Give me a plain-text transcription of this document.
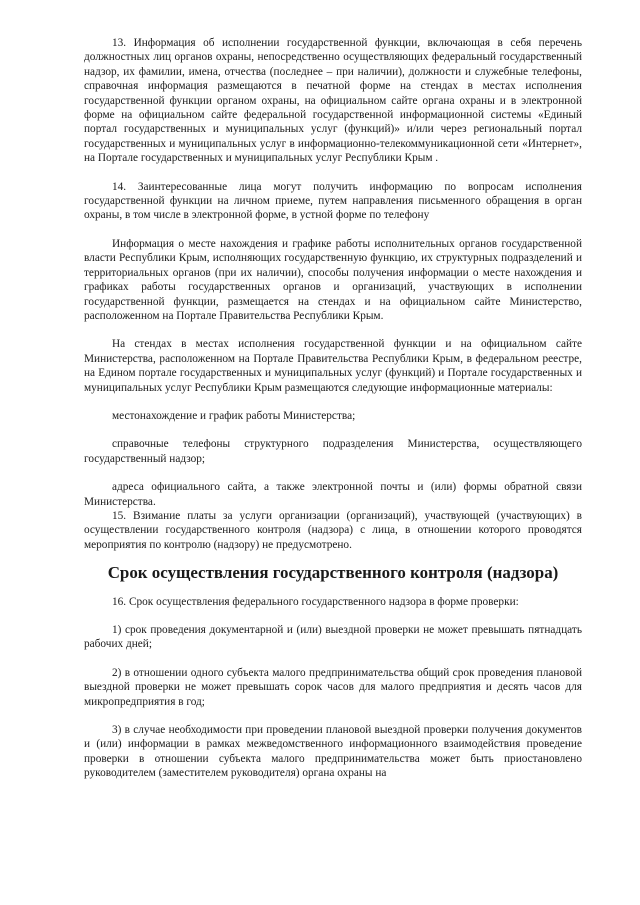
13. Информация об исполнении государственной функции, включающая в себя перечень должностных лиц органов охраны, непосредственно осуществляющих федеральный государственный надзор, их фамилии, имена, отчества (последнее – при наличии), должности и служебные телефоны, справочная информация размещаются в печатной форме на стендах в местах исполнения государственной функции органом охраны, на официальном сайте органа охраны и в электронной форме на официальном сайте федеральной государственной информационной системы «Единый портал государственных и муниципальных услуг (функций)» и/или через региональный портал государственных и муниципальных услуг в информационно-телекоммуникационной сети «Интернет», на Портале государственных и муниципальных услуг Республики Крым .

14. Заинтересованные лица могут получить информацию по вопросам исполнения государственной функции на личном приеме, путем направления письменного обращения в орган охраны, в том числе в электронной форме, в устной форме по телефону

Информация о месте нахождения и графике работы исполнительных органов государственной власти Республики Крым, исполняющих государственную функцию, их структурных подразделений и территориальных органов (при их наличии), способы получения информации о месте нахождения и графиках работы государственных органов и организаций, участвующих в исполнении государственной функции, размещается на стендах и на официальном сайте Министерство, расположенном на Портале Правительства Республики Крым.

На стендах в местах исполнения государственной функции и на официальном сайте Министерства, расположенном на Портале Правительства Республики Крым, в федеральном реестре, на Едином портале государственных и муниципальных услуг (функций) и Портале государственных и муниципальных услуг Республики Крым размещаются следующие информационные материалы:

местонахождение и график работы Министерства;

справочные телефоны структурного подразделения Министерства, осуществляющего государственный надзор;

адреса официального сайта, а также электронной почты и (или) формы обратной связи Министерства.

15. Взимание платы за услуги организации (организаций), участвующей (участвующих) в осуществлении государственного контроля (надзора) с лица, в отношении которого проводятся мероприятия по контролю (надзору) не предусмотрено.

Срок осуществления государственного контроля (надзора)

16. Срок осуществления федерального государственного надзора в форме проверки:

1) срок проведения документарной и (или) выездной проверки не может превышать пятнадцать рабочих дней;

2) в отношении одного субъекта малого предпринимательства общий срок проведения плановой выездной проверки не может превышать сорок часов для малого предприятия и десять часов для микропредприятия в год;

3) в случае необходимости при проведении плановой выездной проверки получения документов и (или) информации в рамках межведомственного информационного взаимодействия проведение проверки в отношении субъекта малого предпринимательства может быть приостановлено руководителем (заместителем руководителя) органа охраны на
